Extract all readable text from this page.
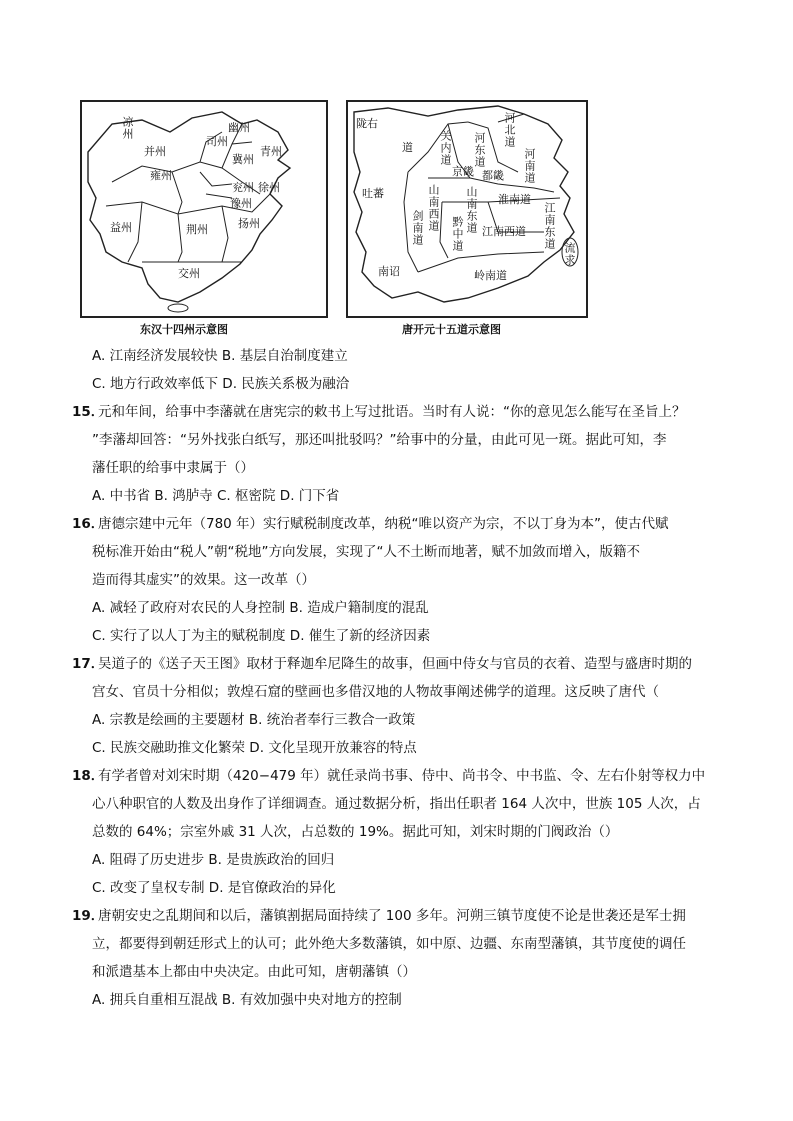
凉州
并州
幽州
冀州
司州
兖州
青州
豫州
徐州
雍州
益州	荆州	扬州
交州
陇右
道
吐蕃
关内道 河东道
河北道
河南道
京畿 都畿
山南西道 山南东道 淮南道
剑南道 黔中道 江南西道 江南东道
岭南道
南诏
流求
东汉十四州示意图	唐开元十五道示意图
A. 江南经济发展较快 B. 基层自治制度建立
C. 地方行政效率低下 D. 民族关系极为融洽
15．
元和年间，给事中李藩就在唐宪宗的敕书上写过批语。当时有人说：“你的意见怎么能写在圣旨上？
”李藩却回答：“另外找张白纸写，那还叫批驳吗？”给事中的分量，由此可见一斑。据此可知，李
藩任职的给事中隶属于（）
A. 中书省 B. 鸿胪寺 C. 枢密院 D. 门下省
16．
唐德宗建中元年（780 年）实行赋税制度改革，纳税“唯以资产为宗，不以丁身为本”，使古代赋
税标准开始由“税人”朝“税地”方向发展，实现了“人不土断而地著，赋不加敛而增入，版籍不
造而得其虚实”的效果。这一改革（）
A. 减轻了政府对农民的人身控制 B. 造成户籍制度的混乱
C. 实行了以人丁为主的赋税制度 D. 催生了新的经济因素
17．
吴道子的《送子天王图》取材于释迦牟尼降生的故事，但画中侍女与官员的衣着、造型与盛唐时期的
宫女、官员十分相似；敦煌石窟的壁画也多借汉地的人物故事阐述佛学的道理。这反映了唐代（
A. 宗教是绘画的主要题材 B. 统治者奉行三教合一政策
C. 民族交融助推文化繁荣 D. 文化呈现开放兼容的特点
18．
有学者曾对刘宋时期（420−479 年）就任录尚书事、侍中、尚书令、中书监、令、左右仆射等权力中
心八种职官的人数及出身作了详细调查。通过数据分析，指出任职者 164 人次中，世族 105 人次，占
总数的 64%；宗室外戚 31 人次，占总数的 19%。据此可知，刘宋时期的门阀政治（）
A. 阻碍了历史进步 B. 是贵族政治的回归
C. 改变了皇权专制 D. 是官僚政治的异化
19．
唐朝安史之乱期间和以后，藩镇割据局面持续了 100 多年。河朔三镇节度使不论是世袭还是军士拥
立，都要得到朝廷形式上的认可；此外绝大多数藩镇，如中原、边疆、东南型藩镇，其节度使的调任
和派遣基本上都由中央决定。由此可知，唐朝藩镇（）
A. 拥兵自重相互混战 B. 有效加强中央对地方的控制
